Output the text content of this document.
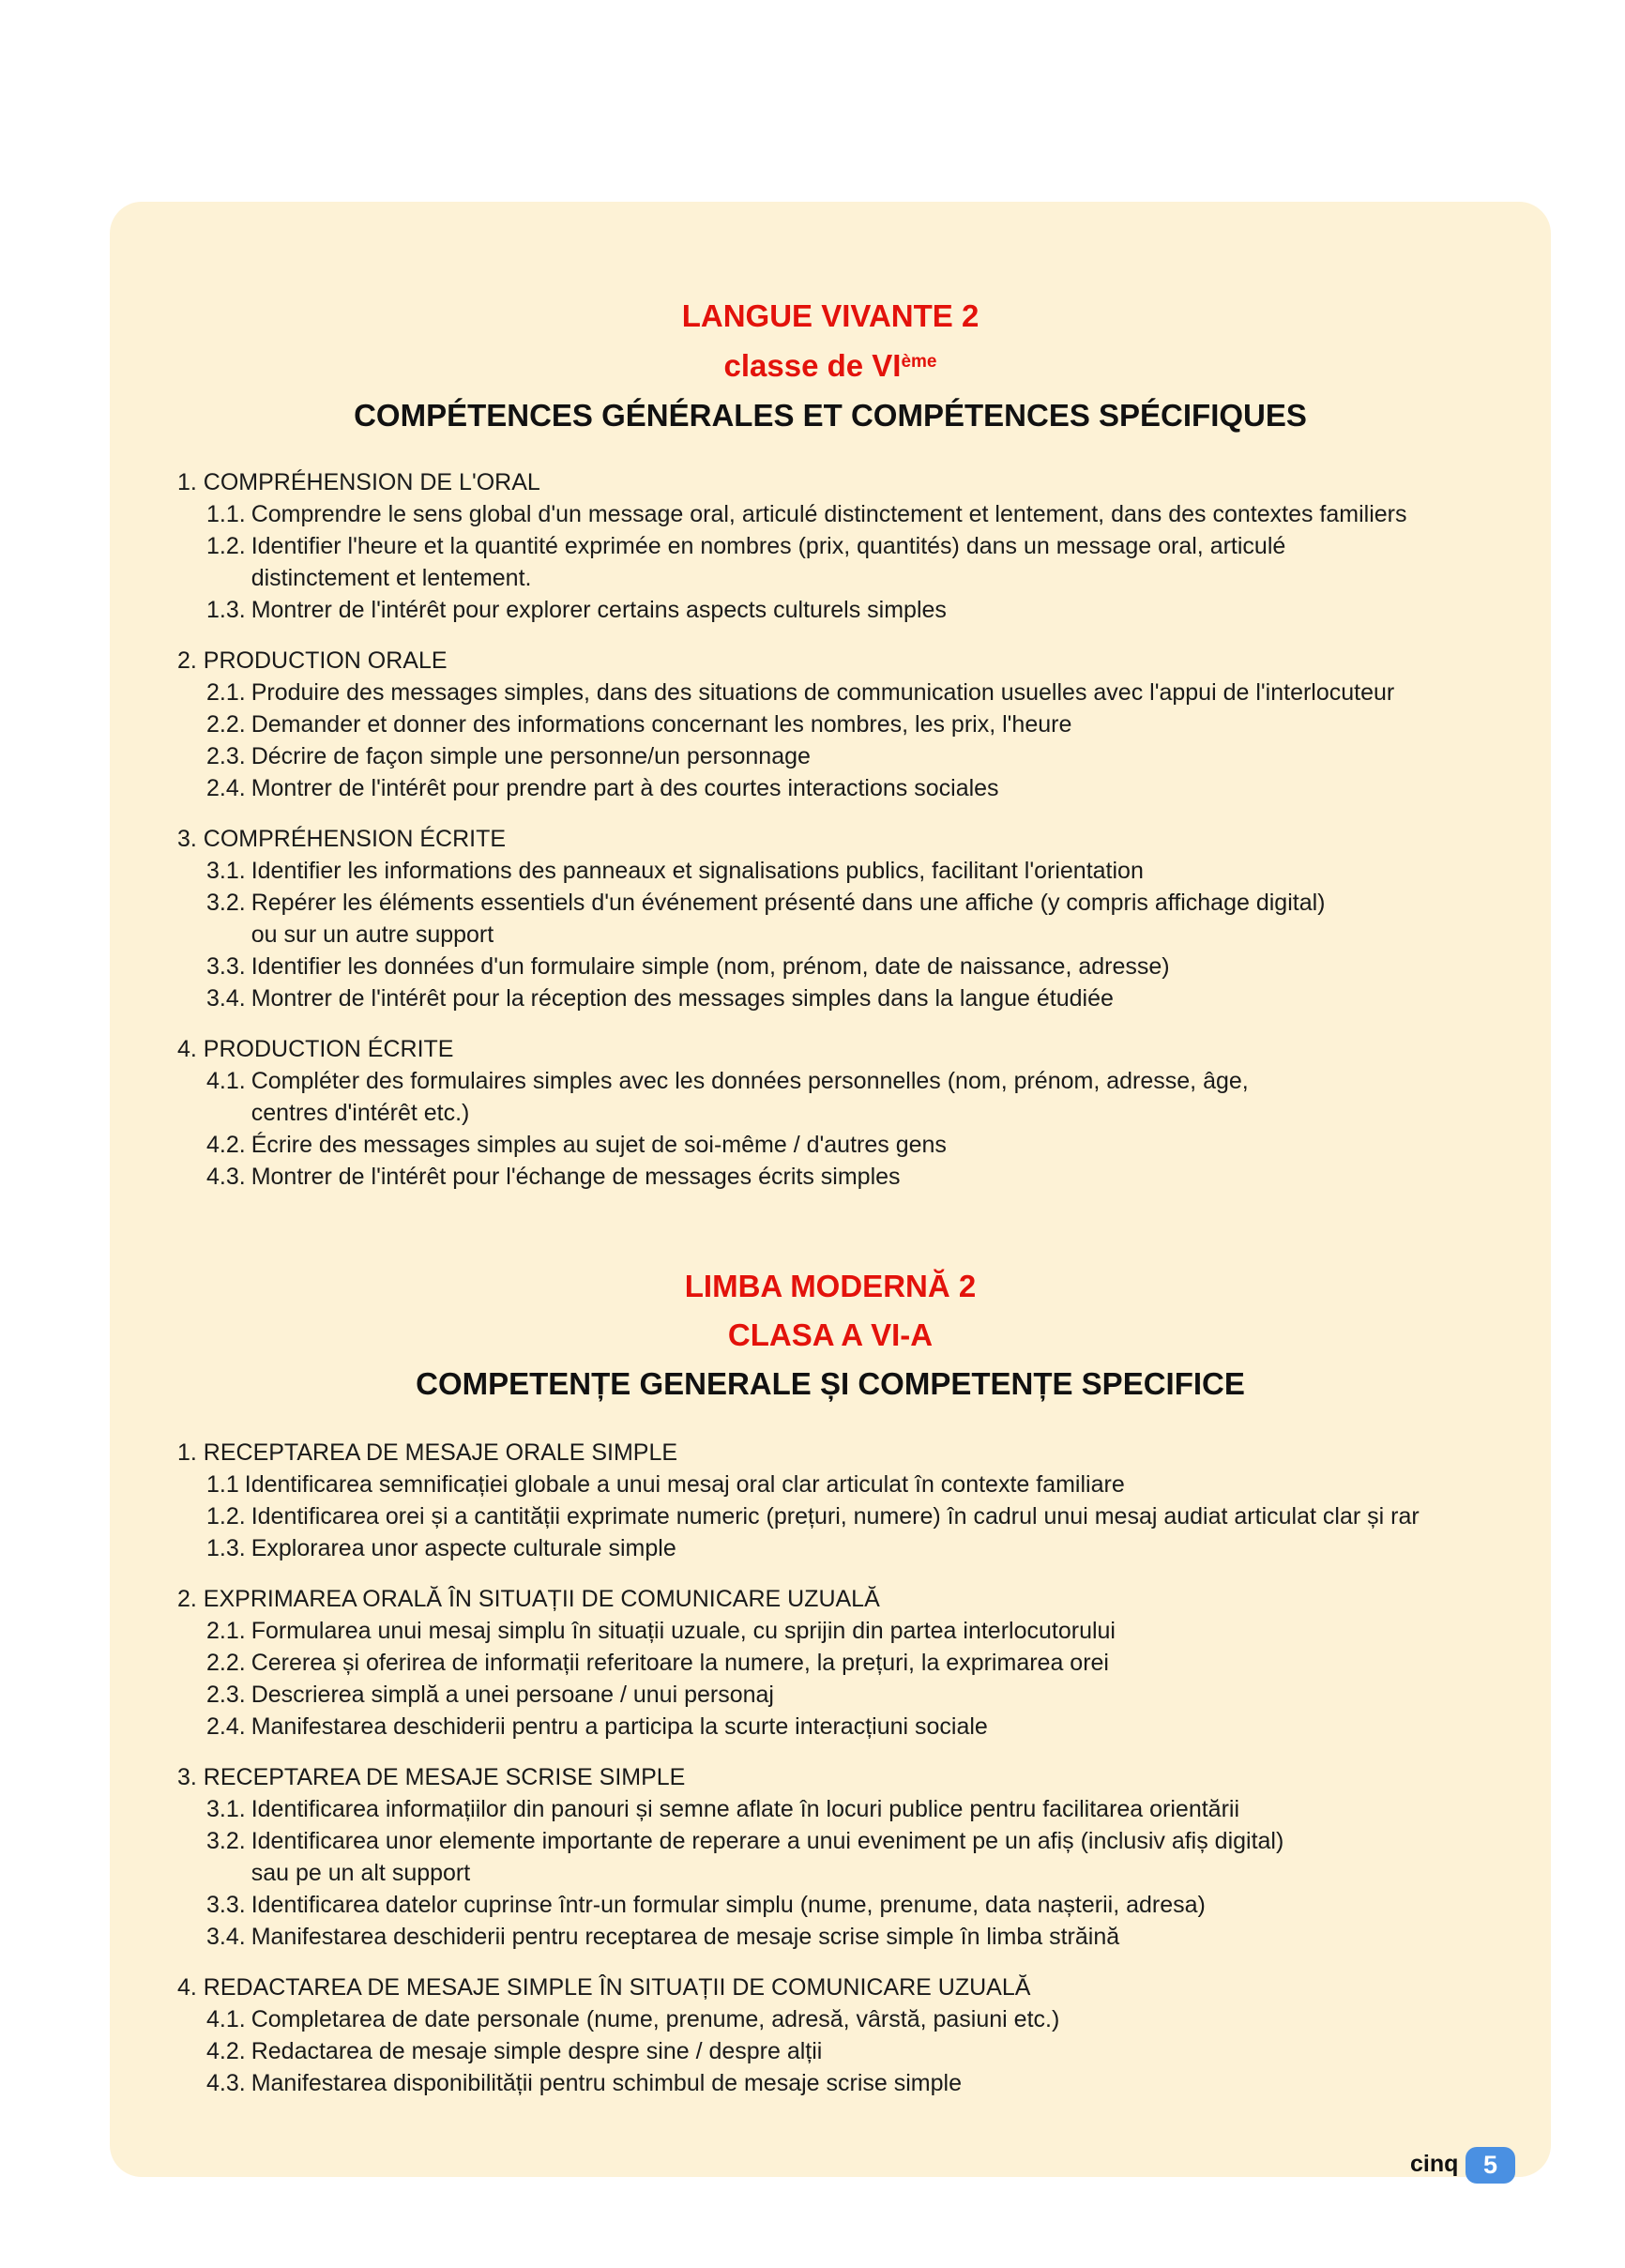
LANGUE VIVANTE 2
classe de VIème
COMPÉTENCES GÉNÉRALES ET COMPÉTENCES SPÉCIFIQUES
1. COMPRÉHENSION DE L'ORAL
1.1. Comprendre le sens global d'un message oral, articulé distinctement et lentement, dans des contextes familiers
1.2. Identifier l'heure et la quantité exprimée en nombres (prix, quantités) dans un message oral, articulé
distinctement et lentement.
1.3. Montrer de l'intérêt pour explorer certains aspects culturels simples
2. PRODUCTION ORALE
2.1. Produire des messages simples, dans des situations de communication usuelles avec l'appui de l'interlocuteur
2.2. Demander et donner des informations concernant les nombres, les prix, l'heure
2.3. Décrire de façon simple une personne/un personnage
2.4. Montrer de l'intérêt pour prendre part à des courtes interactions sociales
3. COMPRÉHENSION ÉCRITE
3.1. Identifier les informations des panneaux et signalisations publics, facilitant l'orientation
3.2. Repérer les éléments essentiels d'un événement présenté dans une affiche (y compris affichage digital)
ou sur un autre support
3.3. Identifier les données d'un formulaire simple (nom, prénom, date de naissance, adresse)
3.4. Montrer de l'intérêt pour la réception des messages simples dans la langue étudiée
4. PRODUCTION ÉCRITE
4.1. Compléter des formulaires simples avec les données personnelles (nom, prénom, adresse, âge,
centres d'intérêt etc.)
4.2. Écrire des messages simples au sujet de soi-même / d'autres gens
4.3. Montrer de l'intérêt pour l'échange de messages écrits simples
LIMBA MODERNĂ 2
CLASA A VI-A
COMPETENȚE GENERALE ȘI COMPETENȚE SPECIFICE
1. RECEPTAREA DE MESAJE ORALE SIMPLE
1.1 Identificarea semnificației globale a unui mesaj oral clar articulat în contexte familiare
1.2. Identificarea orei și a cantității exprimate numeric (prețuri, numere) în cadrul unui mesaj audiat articulat clar și rar
1.3. Explorarea unor aspecte culturale simple
2. EXPRIMAREA ORALĂ ÎN SITUAȚII DE COMUNICARE UZUALĂ
2.1. Formularea unui mesaj simplu în situații uzuale, cu sprijin din partea interlocutorului
2.2. Cererea și oferirea de informații referitoare la numere, la prețuri, la exprimarea orei
2.3. Descrierea simplă a unei persoane / unui personaj
2.4. Manifestarea deschiderii pentru a participa la scurte interacțiuni sociale
3. RECEPTAREA DE MESAJE SCRISE SIMPLE
3.1. Identificarea informațiilor din panouri și semne aflate în locuri publice pentru facilitarea orientării
3.2. Identificarea unor elemente importante de reperare a unui eveniment pe un afiș (inclusiv afiș digital)
sau pe un alt support
3.3. Identificarea datelor cuprinse într-un formular simplu (nume, prenume, data nașterii, adresa)
3.4. Manifestarea deschiderii pentru receptarea de mesaje scrise simple în limba străină
4. REDACTAREA DE MESAJE SIMPLE ÎN SITUAȚII DE COMUNICARE UZUALĂ
4.1. Completarea de date personale (nume, prenume, adresă, vârstă, pasiuni etc.)
4.2. Redactarea de mesaje simple despre sine / despre alții
4.3. Manifestarea disponibilității pentru schimbul de mesaje scrise simple
cinq 5
